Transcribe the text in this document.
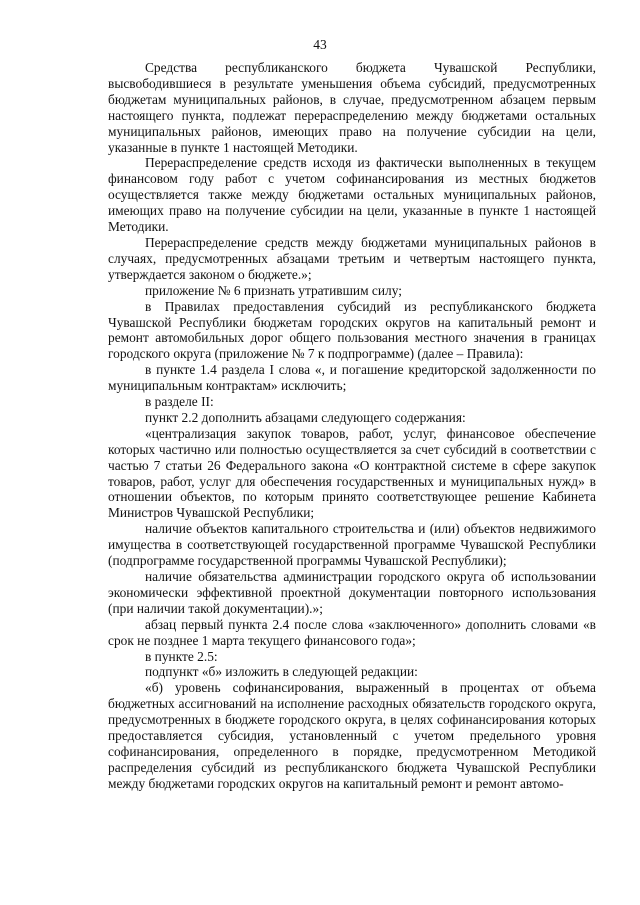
43

Средства республиканского бюджета Чувашской Республики, высвободившиеся в результате уменьшения объема субсидий, предусмотренных бюджетам муниципальных районов, в случае, предусмотренном абзацем первым настоящего пункта, подлежат перераспределению между бюджетами остальных муниципальных районов, имеющих право на получение субсидии на цели, указанные в пункте 1 настоящей Методики.

Перераспределение средств исходя из фактически выполненных в текущем финансовом году работ с учетом софинансирования из местных бюджетов осуществляется также между бюджетами остальных муниципальных районов, имеющих право на получение субсидии на цели, указанные в пункте 1 настоящей Методики.

Перераспределение средств между бюджетами муниципальных районов в случаях, предусмотренных абзацами третьим и четвертым настоящего пункта, утверждается законом о бюджете.»;

приложение № 6 признать утратившим силу;

в Правилах предоставления субсидий из республиканского бюджета Чувашской Республики бюджетам городских округов на капитальный ремонт и ремонт автомобильных дорог общего пользования местного значения в границах городского округа (приложение № 7 к подпрограмме) (далее – Правила):

в пункте 1.4 раздела I слова «, и погашение кредиторской задолженности по муниципальным контрактам» исключить;

в разделе II:

пункт 2.2 дополнить абзацами следующего содержания:

«централизация закупок товаров, работ, услуг, финансовое обеспечение которых частично или полностью осуществляется за счет субсидий в соответствии с частью 7 статьи 26 Федерального закона «О контрактной системе в сфере закупок товаров, работ, услуг для обеспечения государственных и муниципальных нужд» в отношении объектов, по которым принято соответствующее решение Кабинета Министров Чувашской Республики;

наличие объектов капитального строительства и (или) объектов недвижимого имущества в соответствующей государственной программе Чувашской Республики (подпрограмме государственной программы Чувашской Республики);

наличие обязательства администрации городского округа об использовании экономически эффективной проектной документации повторного использования (при наличии такой документации).»;

абзац первый пункта 2.4 после слова «заключенного» дополнить словами «в срок не позднее 1 марта текущего финансового года»;

в пункте 2.5:

подпункт «б» изложить в следующей редакции:

«б) уровень софинансирования, выраженный в процентах от объема бюджетных ассигнований на исполнение расходных обязательств городского округа, предусмотренных в бюджете городского округа, в целях софинансирования которых предоставляется субсидия, установленный с учетом предельного уровня софинансирования, определенного в порядке, предусмотренном Методикой распределения субсидий из республиканского бюджета Чувашской Республики между бюджетами городских округов на капитальный ремонт и ремонт автомо-
